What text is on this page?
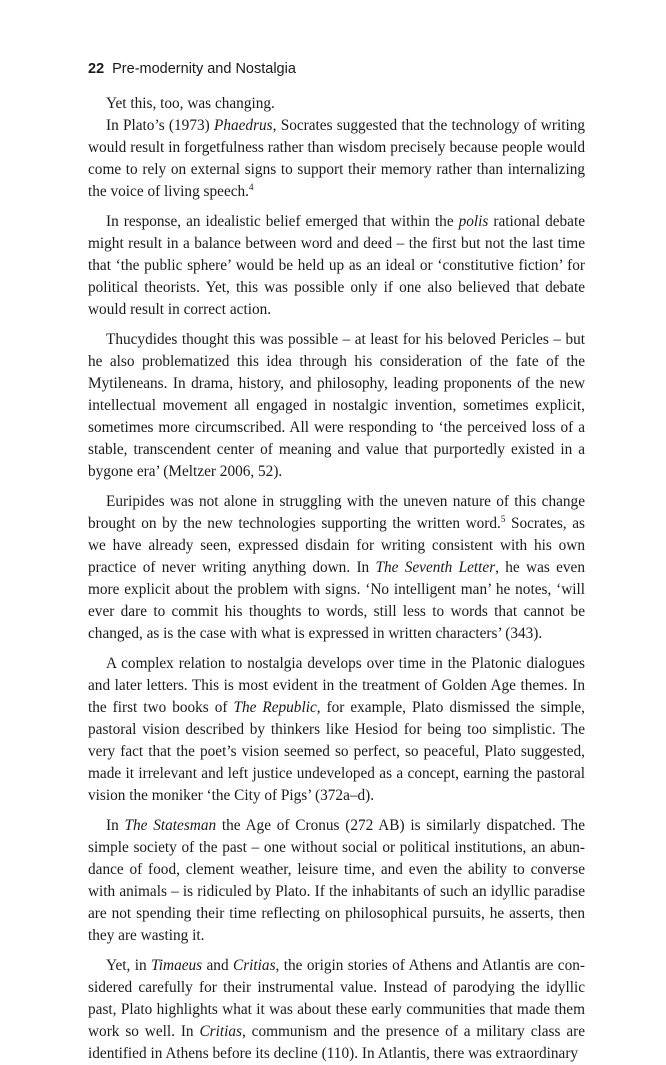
22 Pre-modernity and Nostalgia

Yet this, too, was changing.

In Plato’s (1973) Phaedrus, Socrates suggested that the technology of writing would result in forgetfulness rather than wisdom precisely because people would come to rely on external signs to support their memory rather than internalizing the voice of living speech.$^4$

In response, an idealistic belief emerged that within the polis rational debate might result in a balance between word and deed – the first but not the last time that ‘the public sphere’ would be held up as an ideal or ‘constitutive fiction’ for political theorists. Yet, this was possible only if one also believed that debate would result in correct action.

Thucydides thought this was possible – at least for his beloved Pericles – but he also problematized this idea through his consideration of the fate of the Mytileneans. In drama, history, and philosophy, leading proponents of the new intellectual movement all engaged in nostalgic invention, sometimes explicit, sometimes more circumscribed. All were responding to ‘the perceived loss of a stable, transcendent center of meaning and value that purportedly existed in a bygone era’ (Meltzer 2006, 52).

Euripides was not alone in struggling with the uneven nature of this change brought on by the new technologies supporting the written word.$^5$ Socrates, as we have already seen, expressed disdain for writing consistent with his own practice of never writing anything down. In The Seventh Letter, he was even more explicit about the problem with signs. ‘No intelligent man’ he notes, ‘will ever dare to commit his thoughts to words, still less to words that cannot be changed, as is the case with what is expressed in written characters’ (343).

A complex relation to nostalgia develops over time in the Platonic dialogues and later letters. This is most evident in the treatment of Golden Age themes. In the first two books of The Republic, for example, Plato dismissed the simple, pastoral vision described by thinkers like Hesiod for being too simplistic. The very fact that the poet’s vision seemed so perfect, so peaceful, Plato suggested, made it irrelevant and left justice undeveloped as a concept, earning the pastoral vision the moniker ‘the City of Pigs’ (372a–d).

In The Statesman the Age of Cronus (272 AB) is similarly dispatched. The simple society of the past – one without social or political institutions, an abundance of food, clement weather, leisure time, and even the ability to converse with animals – is ridiculed by Plato. If the inhabitants of such an idyllic paradise are not spending their time reflecting on philosophical pursuits, he asserts, then they are wasting it.

Yet, in Timaeus and Critias, the origin stories of Athens and Atlantis are considered carefully for their instrumental value. Instead of parodying the idyllic past, Plato highlights what it was about these early communities that made them work so well. In Critias, communism and the presence of a military class are identified in Athens before its decline (110). In Atlantis, there was extraordinary
